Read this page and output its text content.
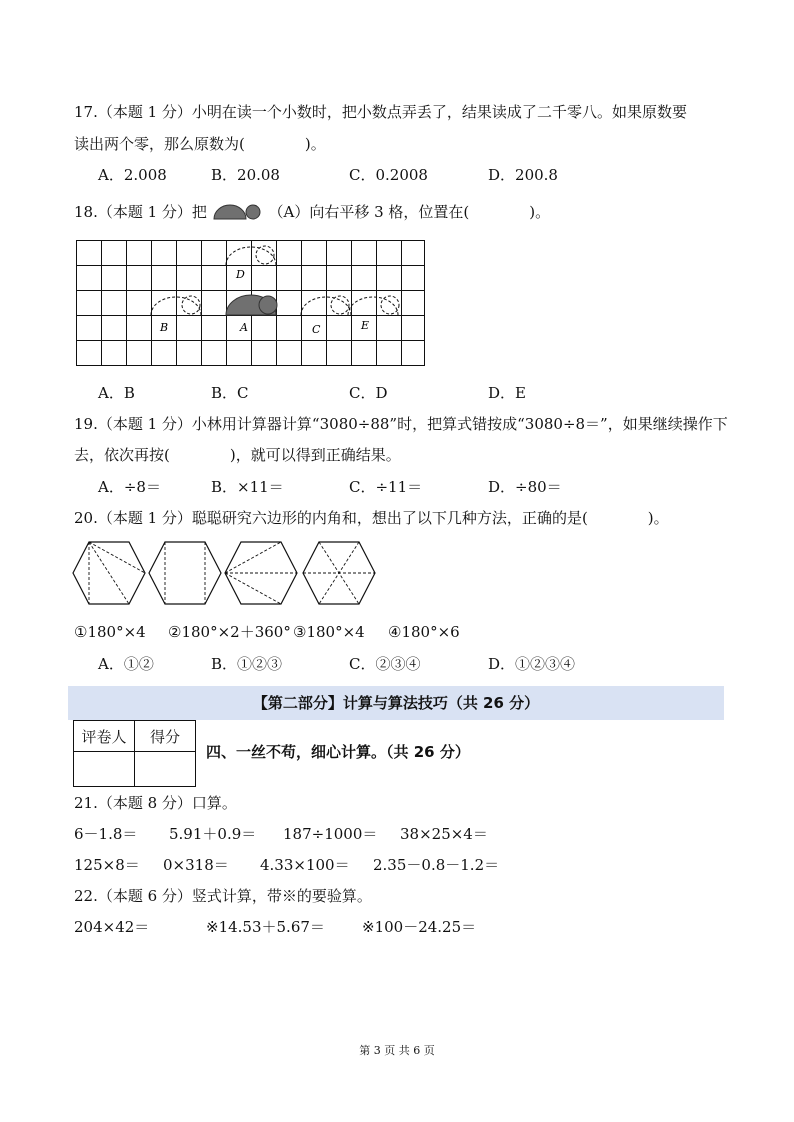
17.（本题 1 分）小明在读一个小数时，把小数点弄丢了，结果读成了二千零八。如果原数要
读出两个零，那么原数为(	)。
A．2.008	B．20.08	C．0.2008	D．200.8
18.（本题 1 分）把	（A）向右平移 3 格，位置在(	)。
D
B	A	C	E
A．B	B．C	C．D	D．E
19.（本题 1 分）小林用计算器计算“3080÷88”时，把算式错按成“3080÷8＝”，如果继续操作下
去，依次再按(	)，就可以得到正确结果。
A．÷8＝	B．×11＝	C．÷11＝	D．÷80＝
20.（本题 1 分）聪聪研究六边形的内角和，想出了以下几种方法，正确的是(	)。
①180°×4 ②180°×2＋360° ③180°×4 ④180°×6
A．①②	B．①②③	C．②③④	D．①②③④
【第二部分】计算与算法技巧（共 26 分）
评卷人	得分

四、一丝不苟，细心计算。（共 26 分）
21.（本题 8 分）口算。
6－1.8＝ 5.91＋0.9＝ 187÷1000＝ 38×25×4＝
125×8＝ 0×318＝ 4.33×100＝ 2.35－0.8－1.2＝
22.（本题 6 分）竖式计算，带※的要验算。
204×42＝	※14.53＋5.67＝ ※100－24.25＝
第 3 页 共 6 页
